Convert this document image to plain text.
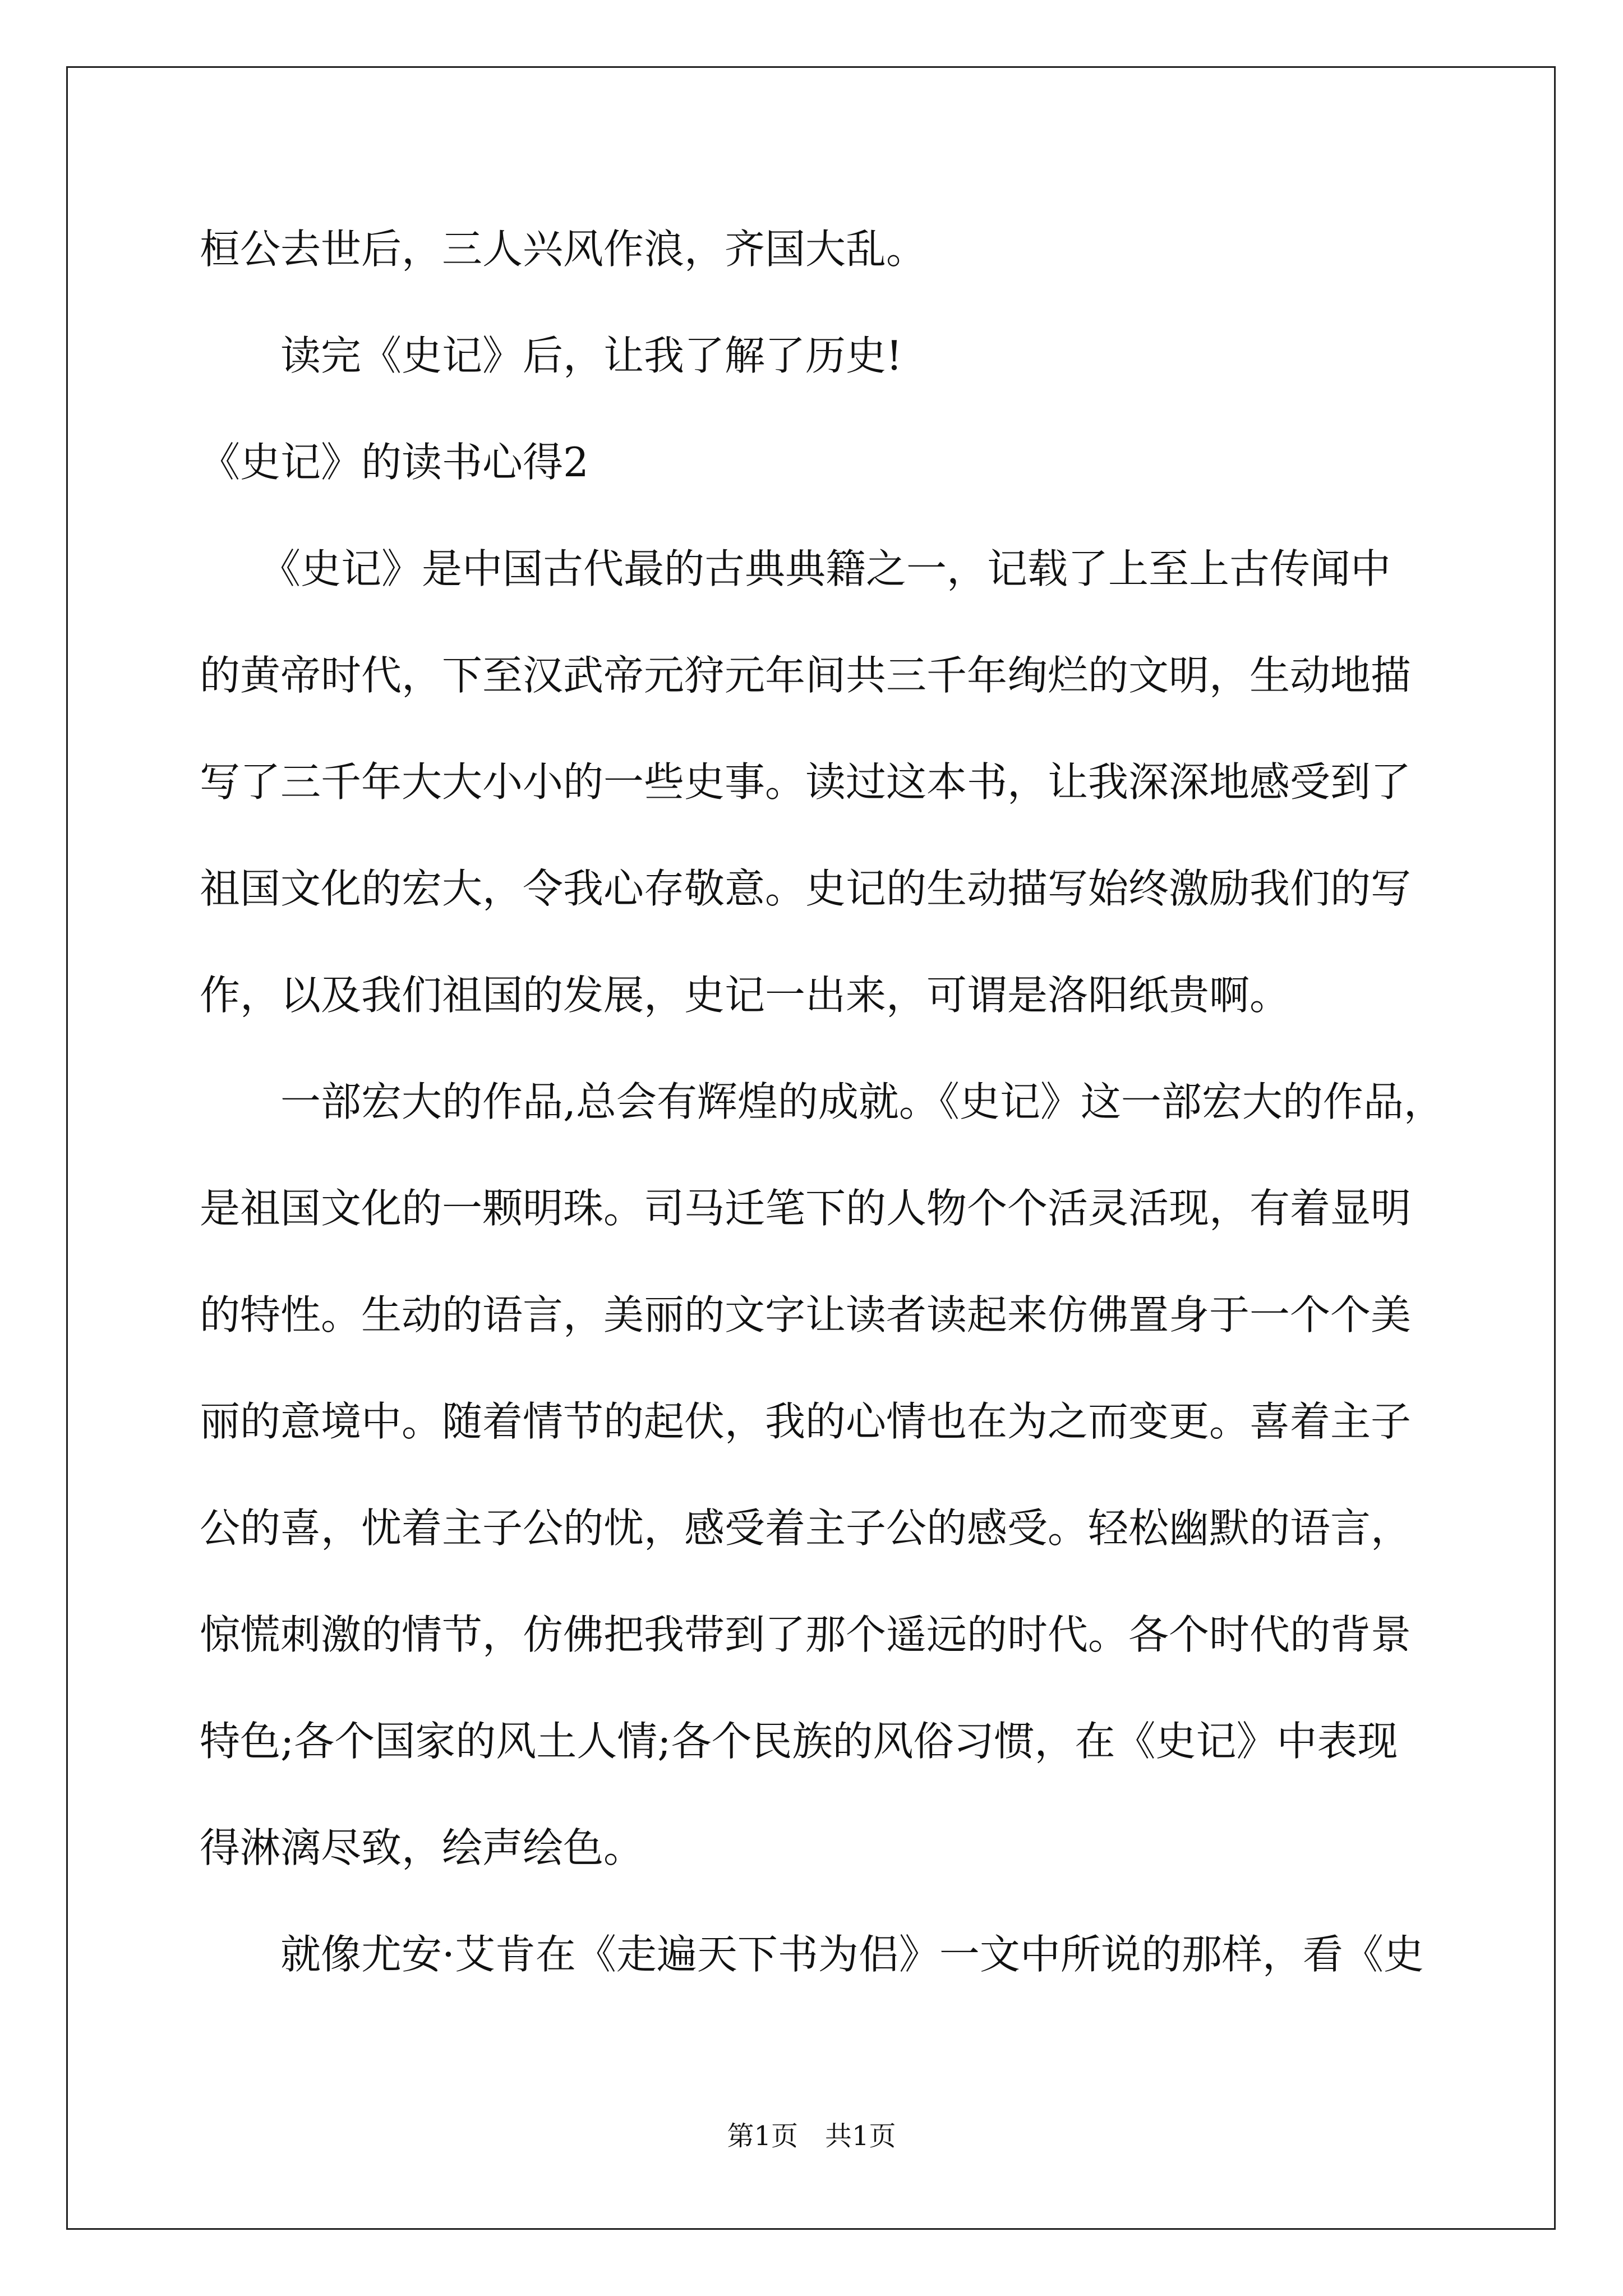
桓公去世后，三人兴风作浪，齐国大乱。
　　读完《史记》后，让我了解了历史!
《史记》的读书心得2
　　《史记》是中国古代最的古典典籍之一，记载了上至上古传闻中
的黄帝时代，下至汉武帝元狩元年间共三千年绚烂的文明，生动地描
写了三千年大大小小的一些史事。读过这本书，让我深深地感受到了
祖国文化的宏大，令我心存敬意。史记的生动描写始终激励我们的写
作，以及我们祖国的发展，史记一出来，可谓是洛阳纸贵啊。
　　一部宏大的作品,总会有辉煌的成就。《史记》这一部宏大的作品，
是祖国文化的一颗明珠。司马迁笔下的人物个个活灵活现，有着显明
的特性。生动的语言，美丽的文字让读者读起来仿佛置身于一个个美
丽的意境中。随着情节的起伏，我的心情也在为之而变更。喜着主子
公的喜，忧着主子公的忧，感受着主子公的感受。轻松幽默的语言，
惊慌刺激的情节，仿佛把我带到了那个遥远的时代。各个时代的背景
特色;各个国家的风土人情;各个民族的风俗习惯，在《史记》中表现
得淋漓尽致，绘声绘色。
　　就像尤安·艾肯在《走遍天下书为侣》一文中所说的那样，看《史
第1页　共1页
